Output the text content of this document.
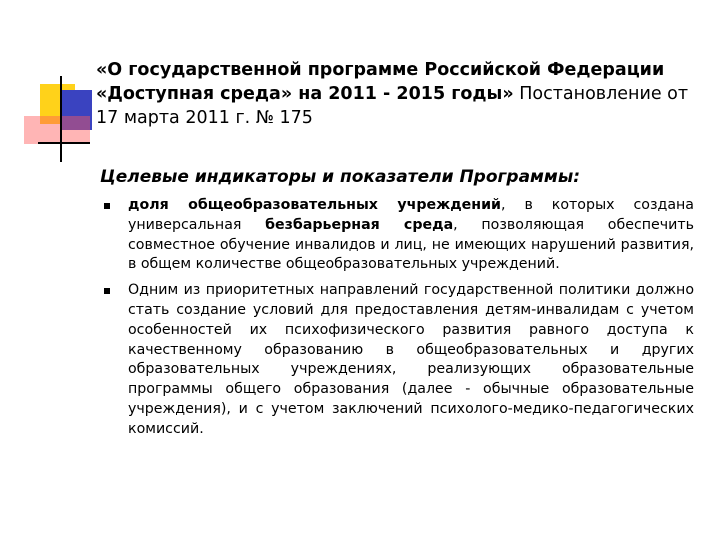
«О государственной программе Российской Федерации «Доступная среда» на 2011 - 2015 годы» Постановление от 17 марта 2011 г. № 175

Целевые индикаторы и показатели Программы:

доля общеобразовательных учреждений, в которых создана универсальная безбарьерная среда, позволяющая обеспечить совместное обучение инвалидов и лиц, не имеющих нарушений развития, в общем количестве общеобразовательных учреждений.
Одним из приоритетных направлений государственной политики должно стать создание условий для предоставления детям-инвалидам с учетом особенностей их психофизического развития равного доступа к качественному образованию в общеобразовательных и других образовательных учреждениях, реализующих образовательные программы общего образования (далее - обычные образовательные учреждения), и с учетом заключений психолого-медико-педагогических комиссий.
